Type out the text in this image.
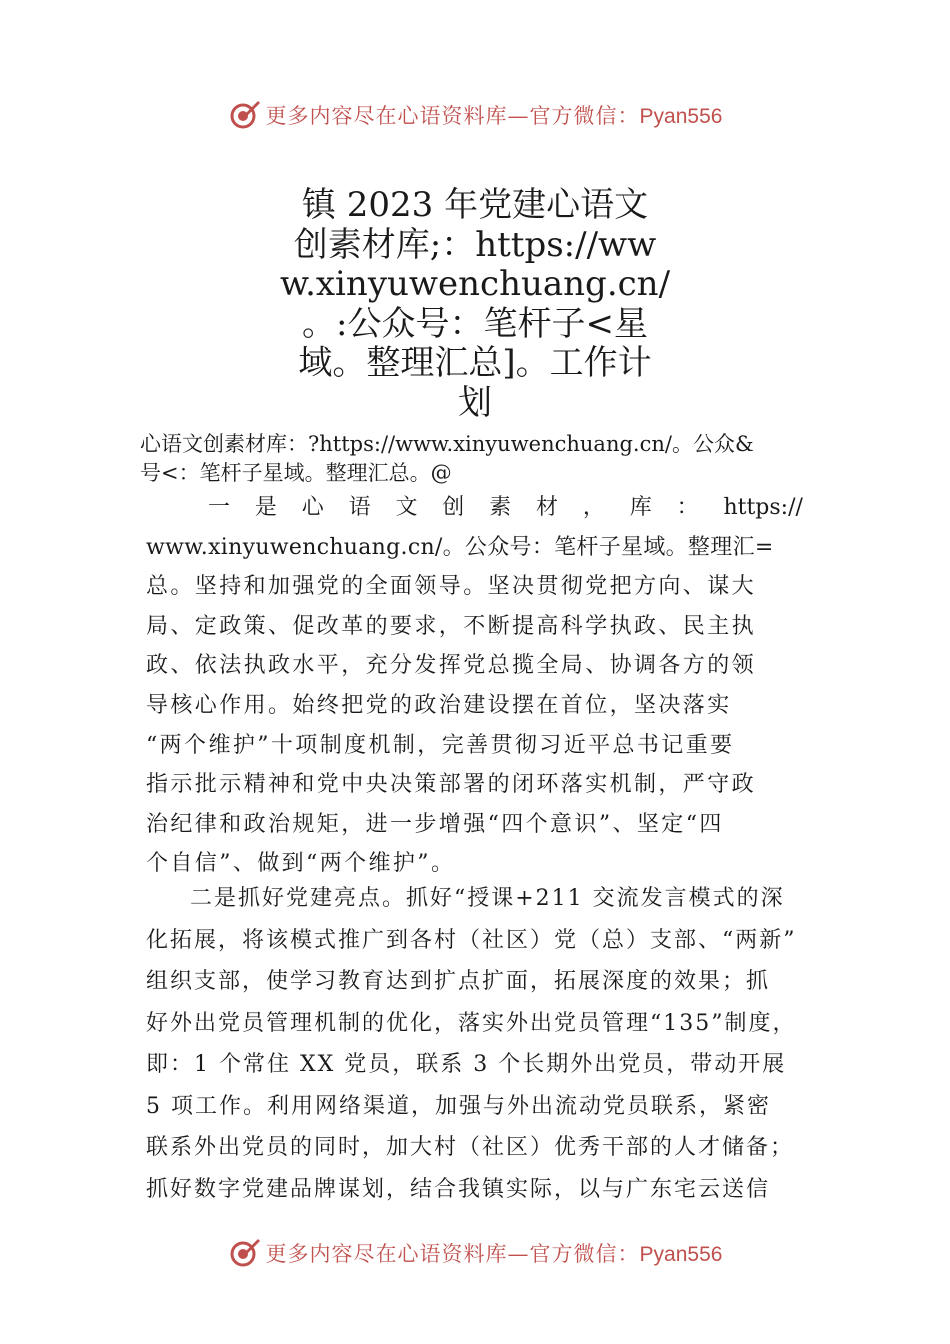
更多内容尽在心语资料库—官方微信：Pyan556
镇 2023 年党建心语文
创素材库;：https://ww
w.xinyuwenchuang.cn/
。:公众号：笔杆子<星
域。整理汇总]。工作计
划
心语文创素材库：?https://www.xinyuwenchuang.cn/。公众&
号<：笔杆子星域。整理汇总。@
一 是 心 语 文 创 素 材 ， 库 ： https://
www.xinyuwenchuang.cn/。公众号：笔杆子星域。整理汇=
总。坚持和加强党的全面领导。坚决贯彻党把方向、谋大
局、定政策、促改革的要求，不断提高科学执政、民主执
政、依法执政水平，充分发挥党总揽全局、协调各方的领
导核心作用。始终把党的政治建设摆在首位，坚决落实
“两个维护”十项制度机制，完善贯彻习近平总书记重要
指示批示精神和党中央决策部署的闭环落实机制，严守政
治纪律和政治规矩，进一步增强“四个意识”、坚定“四
个自信”、做到“两个维护”。
二是抓好党建亮点。抓好“授课+211 交流发言模式的深
化拓展，将该模式推广到各村（社区）党（总）支部、“两新”
组织支部，使学习教育达到扩点扩面，拓展深度的效果；抓
好外出党员管理机制的优化，落实外出党员管理“135”制度，
即：1 个常住 XX 党员，联系 3 个长期外出党员，带动开展
5 项工作。利用网络渠道，加强与外出流动党员联系，紧密
联系外出党员的同时，加大村（社区）优秀干部的人才储备；
抓好数字党建品牌谋划，结合我镇实际，以与广东宅云送信
更多内容尽在心语资料库—官方微信：Pyan556
